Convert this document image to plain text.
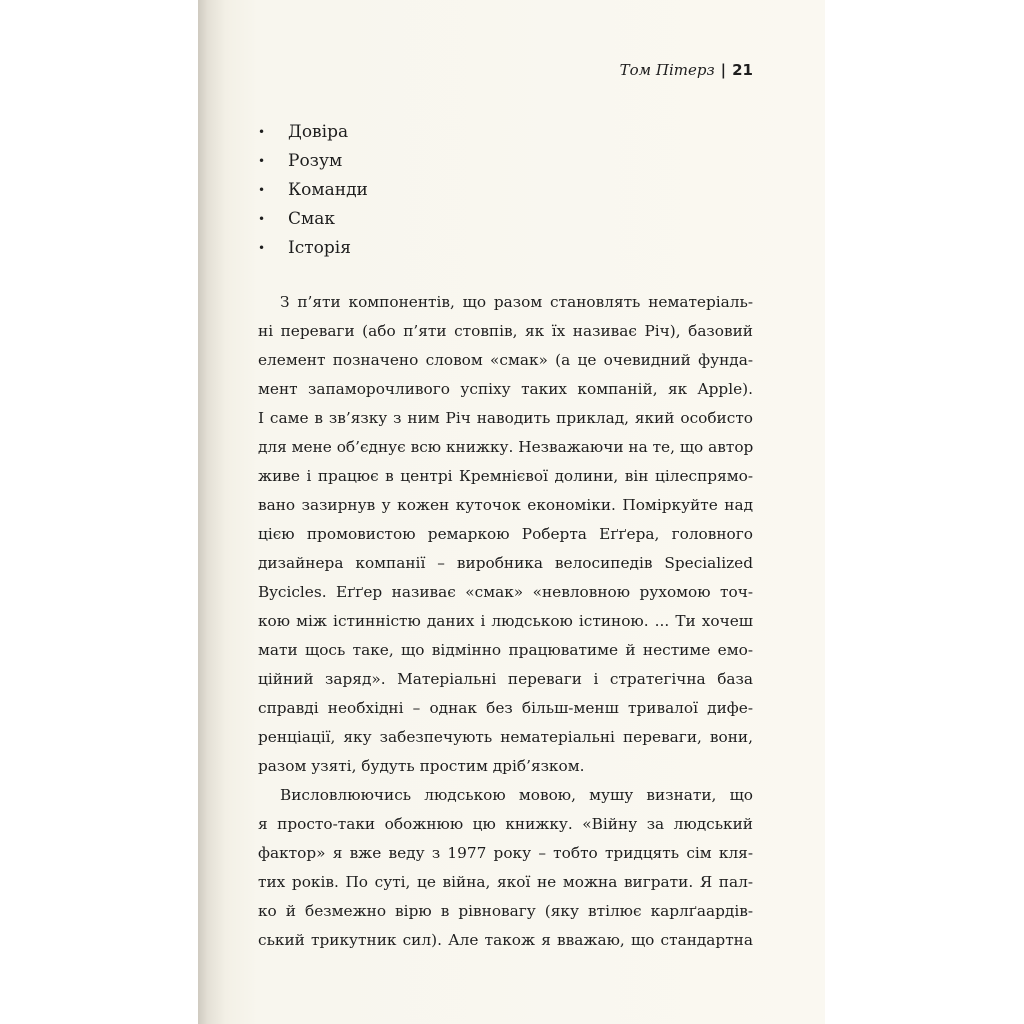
Том Пітерз | 21
•	Довіра
•	Розум
•	Команди
•	Смак
•	Історія
З п’яти компонентів, що разом становлять нематеріаль-
ні переваги (або п’яти стовпів, як їх називає Річ), базовий
елемент позначено словом «смак» (а це очевидний фунда-
мент запаморочливого успіху таких компаній, як Apple).
І саме в зв’язку з ним Річ наводить приклад, який особисто
для мене об’єднує всю книжку. Незважаючи на те, що автор
живе і працює в центрі Кремнієвої долини, він цілеспрямо-
вано зазирнув у кожен куточок економіки. Поміркуйте над
цією промовистою ремаркою Роберта Еґґера, головного
дизайнера компанії – виробника велосипедів Specialized
Bycicles. Еґґер називає «смак» «невловною рухомою точ-
кою між істинністю даних і людською істиною. ... Ти хочеш
мати щось таке, що відмінно працюватиме й нестиме емо-
ційний заряд». Матеріальні переваги і стратегічна база
справді необхідні – однак без більш-менш тривалої дифе-
ренціації, яку забезпечують нематеріальні переваги, вони,
разом узяті, будуть простим дріб’язком.
Висловлюючись людською мовою, мушу визнати, що
я просто-таки обожнюю цю книжку. «Війну за людський
фактор» я вже веду з 1977 року – тобто тридцять сім кля-
тих років. По суті, це війна, якої не можна виграти. Я пал-
ко й безмежно вірю в рівновагу (яку втілює карлґаардів-
ський трикутник сил). Але також я вважаю, що стандартна
